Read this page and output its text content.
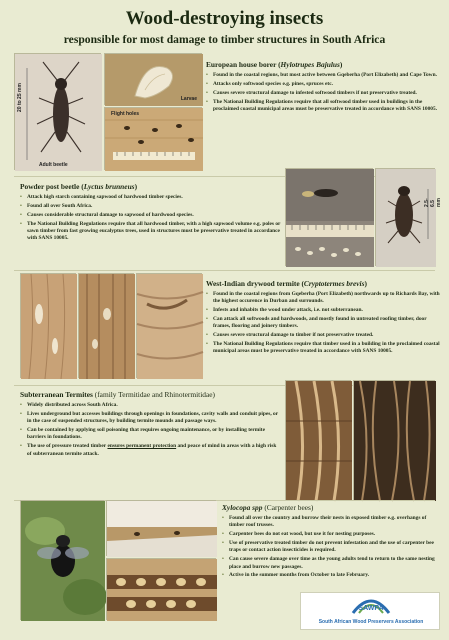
Wood-destroying insects
responsible for most damage to timber structures in South Africa
20 to 25 mm
Adult beetle
Larvae
Flight holes
European house borer (Hylotrupes Bajulus)
• Found in the coastal regions, but most active between Gqeberha (Port Elizabeth) and Cape Town.
• Attacks only softwood species e.g. pines, spruces etc.
• Causes severe structural damage to infested softwood timbers if not preservative treated.
• The National Building Regulations require that all softwood timber used in buildings in the proclaimed coastal municipal areas must be preservative treated in accordance with SANS 10005.
Powder post beetle (Lyctus brunneus)
• Attack high starch containing sapwood of hardwood timber species.
• Found all over South Africa.
• Causes considerable structural damage to sapwood of hardwood species.
• The National Building Regulations require that all hardwood timber, with a high sapwood volume e.g. poles or sawn timber from fast growing eucalyptus trees, used in structures must be preservative treated in accordance with SANS 10005.
2.5-6.5 mm
West-Indian drywood termite (Cryptotermes brevis)
• Found in the coastal regions from Gqeberha (Port Elizabeth) northwards up to Richards Bay, with the highest occurence in Durban and surrounds.
• Infests and inhabits the wood under attack, i.e. not subterranean.
• Can attack all softwoods and hardwoods, and mostly found in untreated roofing timber, door frames, flooring and joinery timbers.
• Causes severe structural damage to timber if not preservative treated.
• The National Building Regulations require that timber used in a building in the proclaimed coastal municipal areas must be preservative treated in accordance with SANS 10005.
Subterranean Termites (family Termitidae and Rhinotermitidae)
• Widely distributed across South Africa.
• Lives underground but accesses buildings through openings in foundations, cavity walls and conduit pipes, or in the case of suspended structures, by building termite mounds and passage ways.
• Can be contained by applying soil poisoning that requires ongoing maintenance, or by installing termite barriers in foundations.
• The use of pressure treated timber ensures permanent protection and peace of mind in areas with a high risk of subterranean termite attack.
Xylocopa spp (Carpenter bees)
• Found all over the country and burrow their nests in exposed timber e.g. overhangs of timber roof trusses.
• Carpenter bees do not eat wood, but use it for nesting purposes.
• Use of preservative treated timber do not prevent infestation and the use of carpenter bee traps or contact action insecticides is required.
• Can cause severe damage over time as the young adults tend to return to the same nesting place and burrow new passages.
• Active in the summer months from October to late February.
SAWPA
South African Wood Preservers Association
